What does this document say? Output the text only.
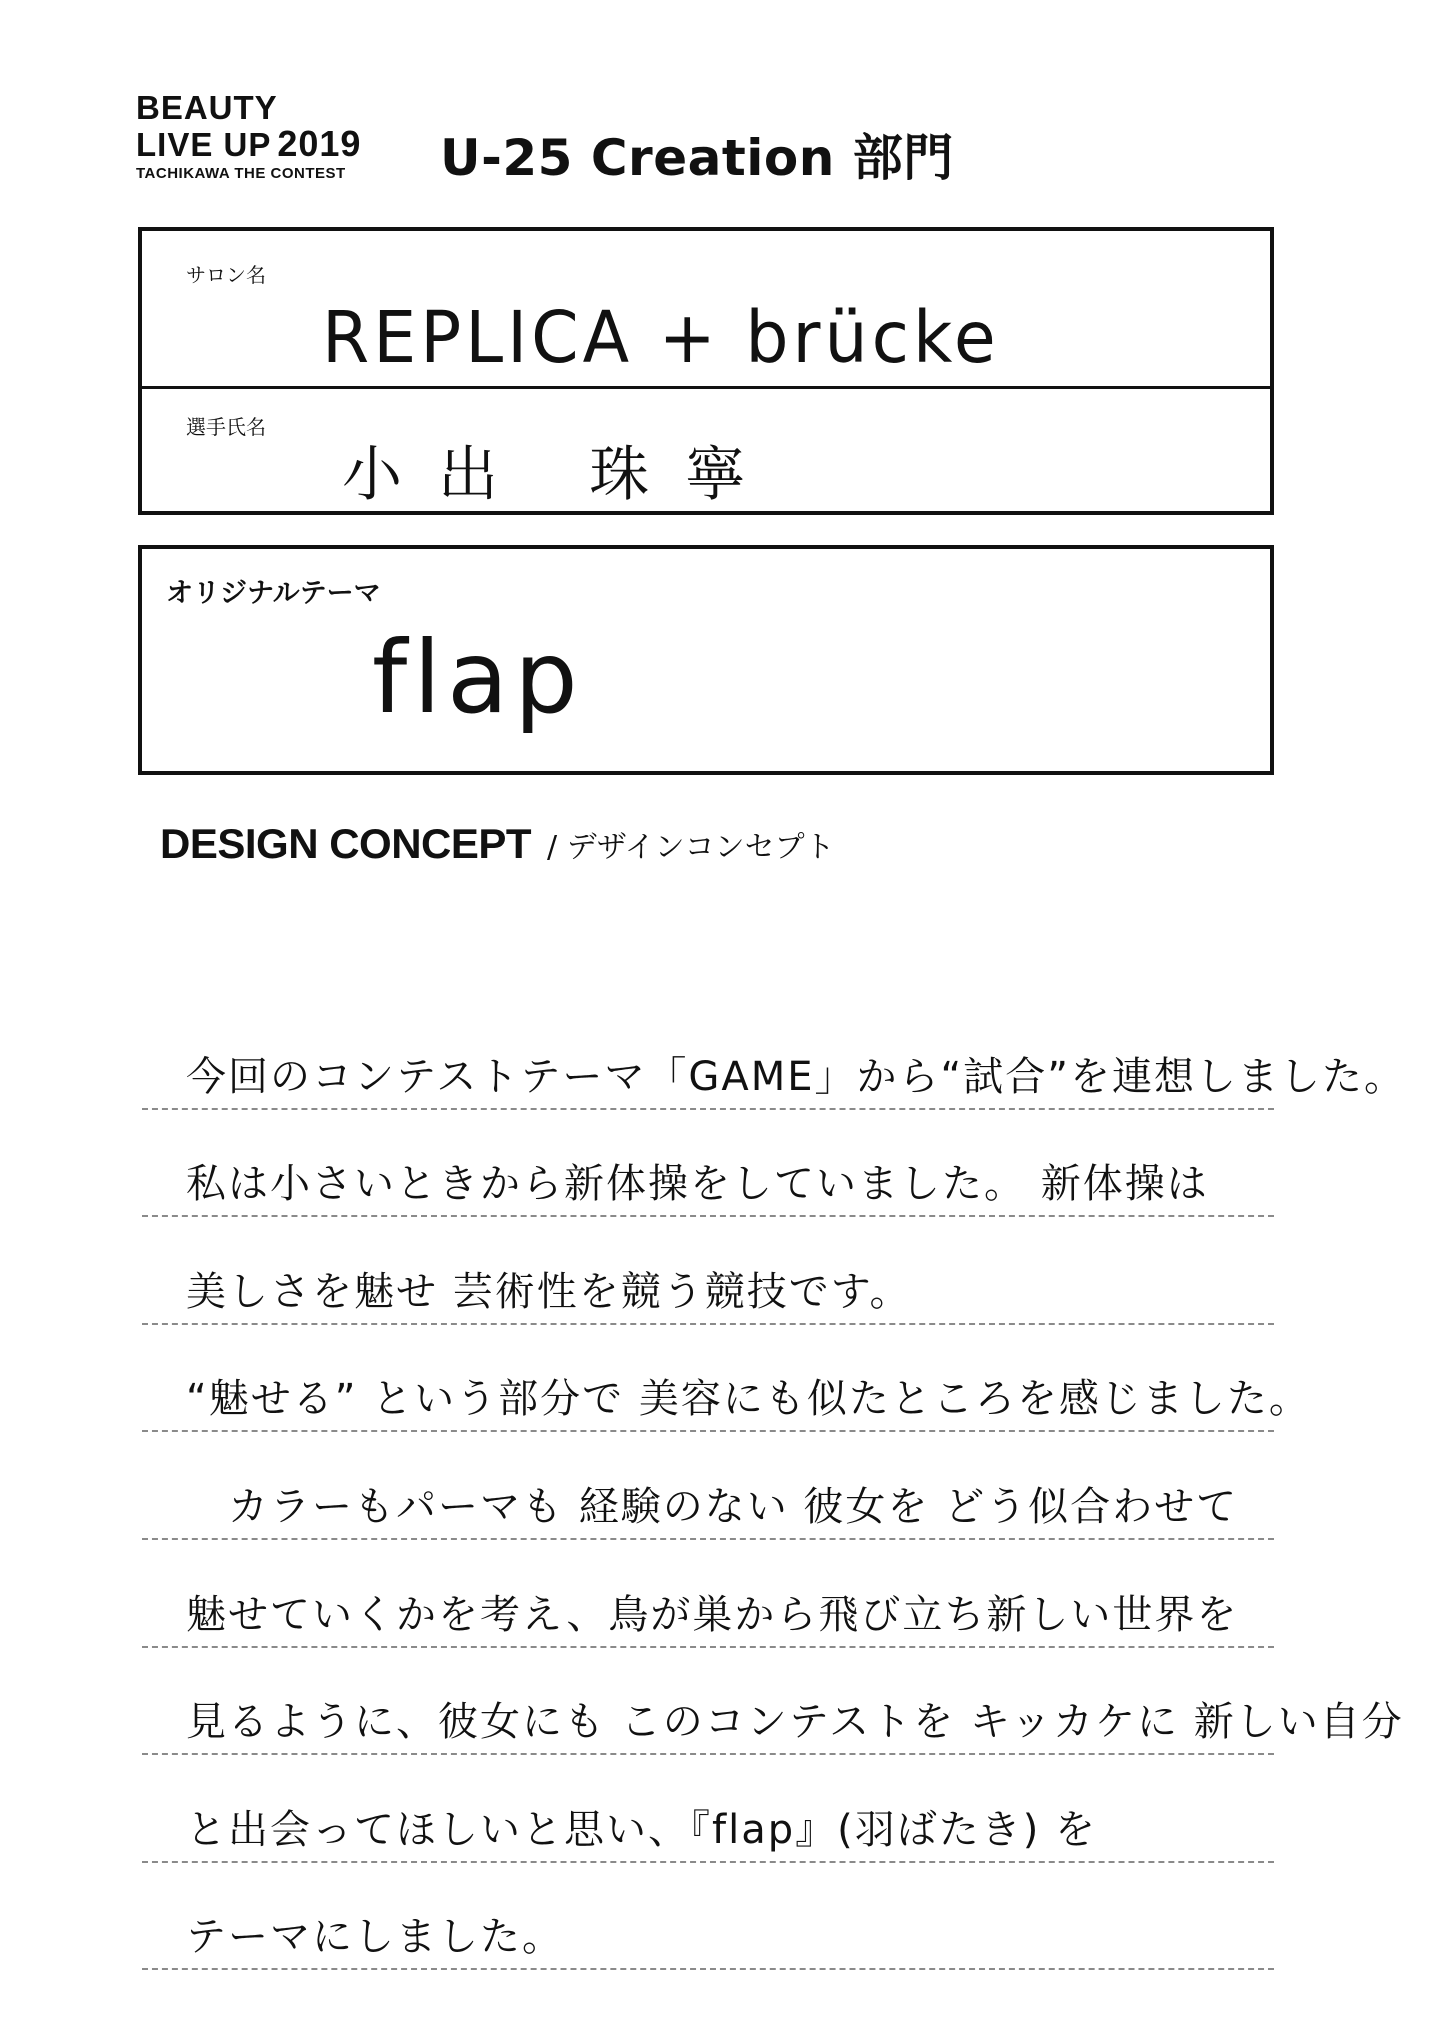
BEAUTY
LIVE UP 2019
TACHIKAWA THE CONTEST	U-25 Creation 部門
サロン名
REPLICA + brücke
選手氏名
小出 珠寧
オリジナルテーマ
flap
DESIGN CONCEPT / デザインコンセプト
今回のコンテストテーマ「GAME」から“試合”を連想しました。
私は小さいときから新体操をしていました。 新体操は
美しさを魅せ 芸術性を競う競技です。
“魅せる” という部分で 美容にも似たところを感じました。
　カラーもパーマも 経験のない 彼女を どう似合わせて
魅せていくかを考え、鳥が巣から飛び立ち新しい世界を
見るように、彼女にも このコンテストを キッカケに 新しい自分
と出会ってほしいと思い、『flap』(羽ばたき) を
テーマにしました。
